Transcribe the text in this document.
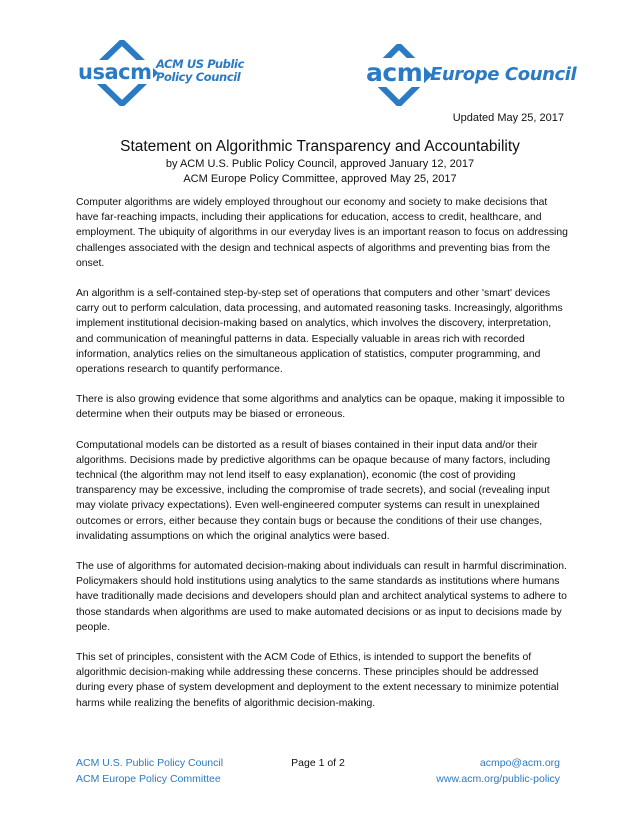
usacm ACM US Public Policy Council	acm Europe Council
Updated May 25, 2017
Statement on Algorithmic Transparency and Accountability
by ACM U.S. Public Policy Council, approved January 12, 2017
ACM Europe Policy Committee, approved May 25, 2017

Computer algorithms are widely employed throughout our economy and society to make decisions that have far-reaching impacts, including their applications for education, access to credit, healthcare, and employment. The ubiquity of algorithms in our everyday lives is an important reason to focus on addressing challenges associated with the design and technical aspects of algorithms and preventing bias from the onset.

An algorithm is a self-contained step-by-step set of operations that computers and other 'smart' devices carry out to perform calculation, data processing, and automated reasoning tasks. Increasingly, algorithms implement institutional decision-making based on analytics, which involves the discovery, interpretation, and communication of meaningful patterns in data. Especially valuable in areas rich with recorded information, analytics relies on the simultaneous application of statistics, computer programming, and operations research to quantify performance.

There is also growing evidence that some algorithms and analytics can be opaque, making it impossible to determine when their outputs may be biased or erroneous.

Computational models can be distorted as a result of biases contained in their input data and/or their algorithms. Decisions made by predictive algorithms can be opaque because of many factors, including technical (the algorithm may not lend itself to easy explanation), economic (the cost of providing transparency may be excessive, including the compromise of trade secrets), and social (revealing input may violate privacy expectations). Even well-engineered computer systems can result in unexplained outcomes or errors, either because they contain bugs or because the conditions of their use changes, invalidating assumptions on which the original analytics were based.

The use of algorithms for automated decision-making about individuals can result in harmful discrimination. Policymakers should hold institutions using analytics to the same standards as institutions where humans have traditionally made decisions and developers should plan and architect analytical systems to adhere to those standards when algorithms are used to make automated decisions or as input to decisions made by people.

This set of principles, consistent with the ACM Code of Ethics, is intended to support the benefits of algorithmic decision-making while addressing these concerns. These principles should be addressed during every phase of system development and deployment to the extent necessary to minimize potential harms while realizing the benefits of algorithmic decision-making.

ACM U.S. Public Policy Council
ACM Europe Policy Committee
Page 1 of 2	acmpo@acm.org
www.acm.org/public-policy
